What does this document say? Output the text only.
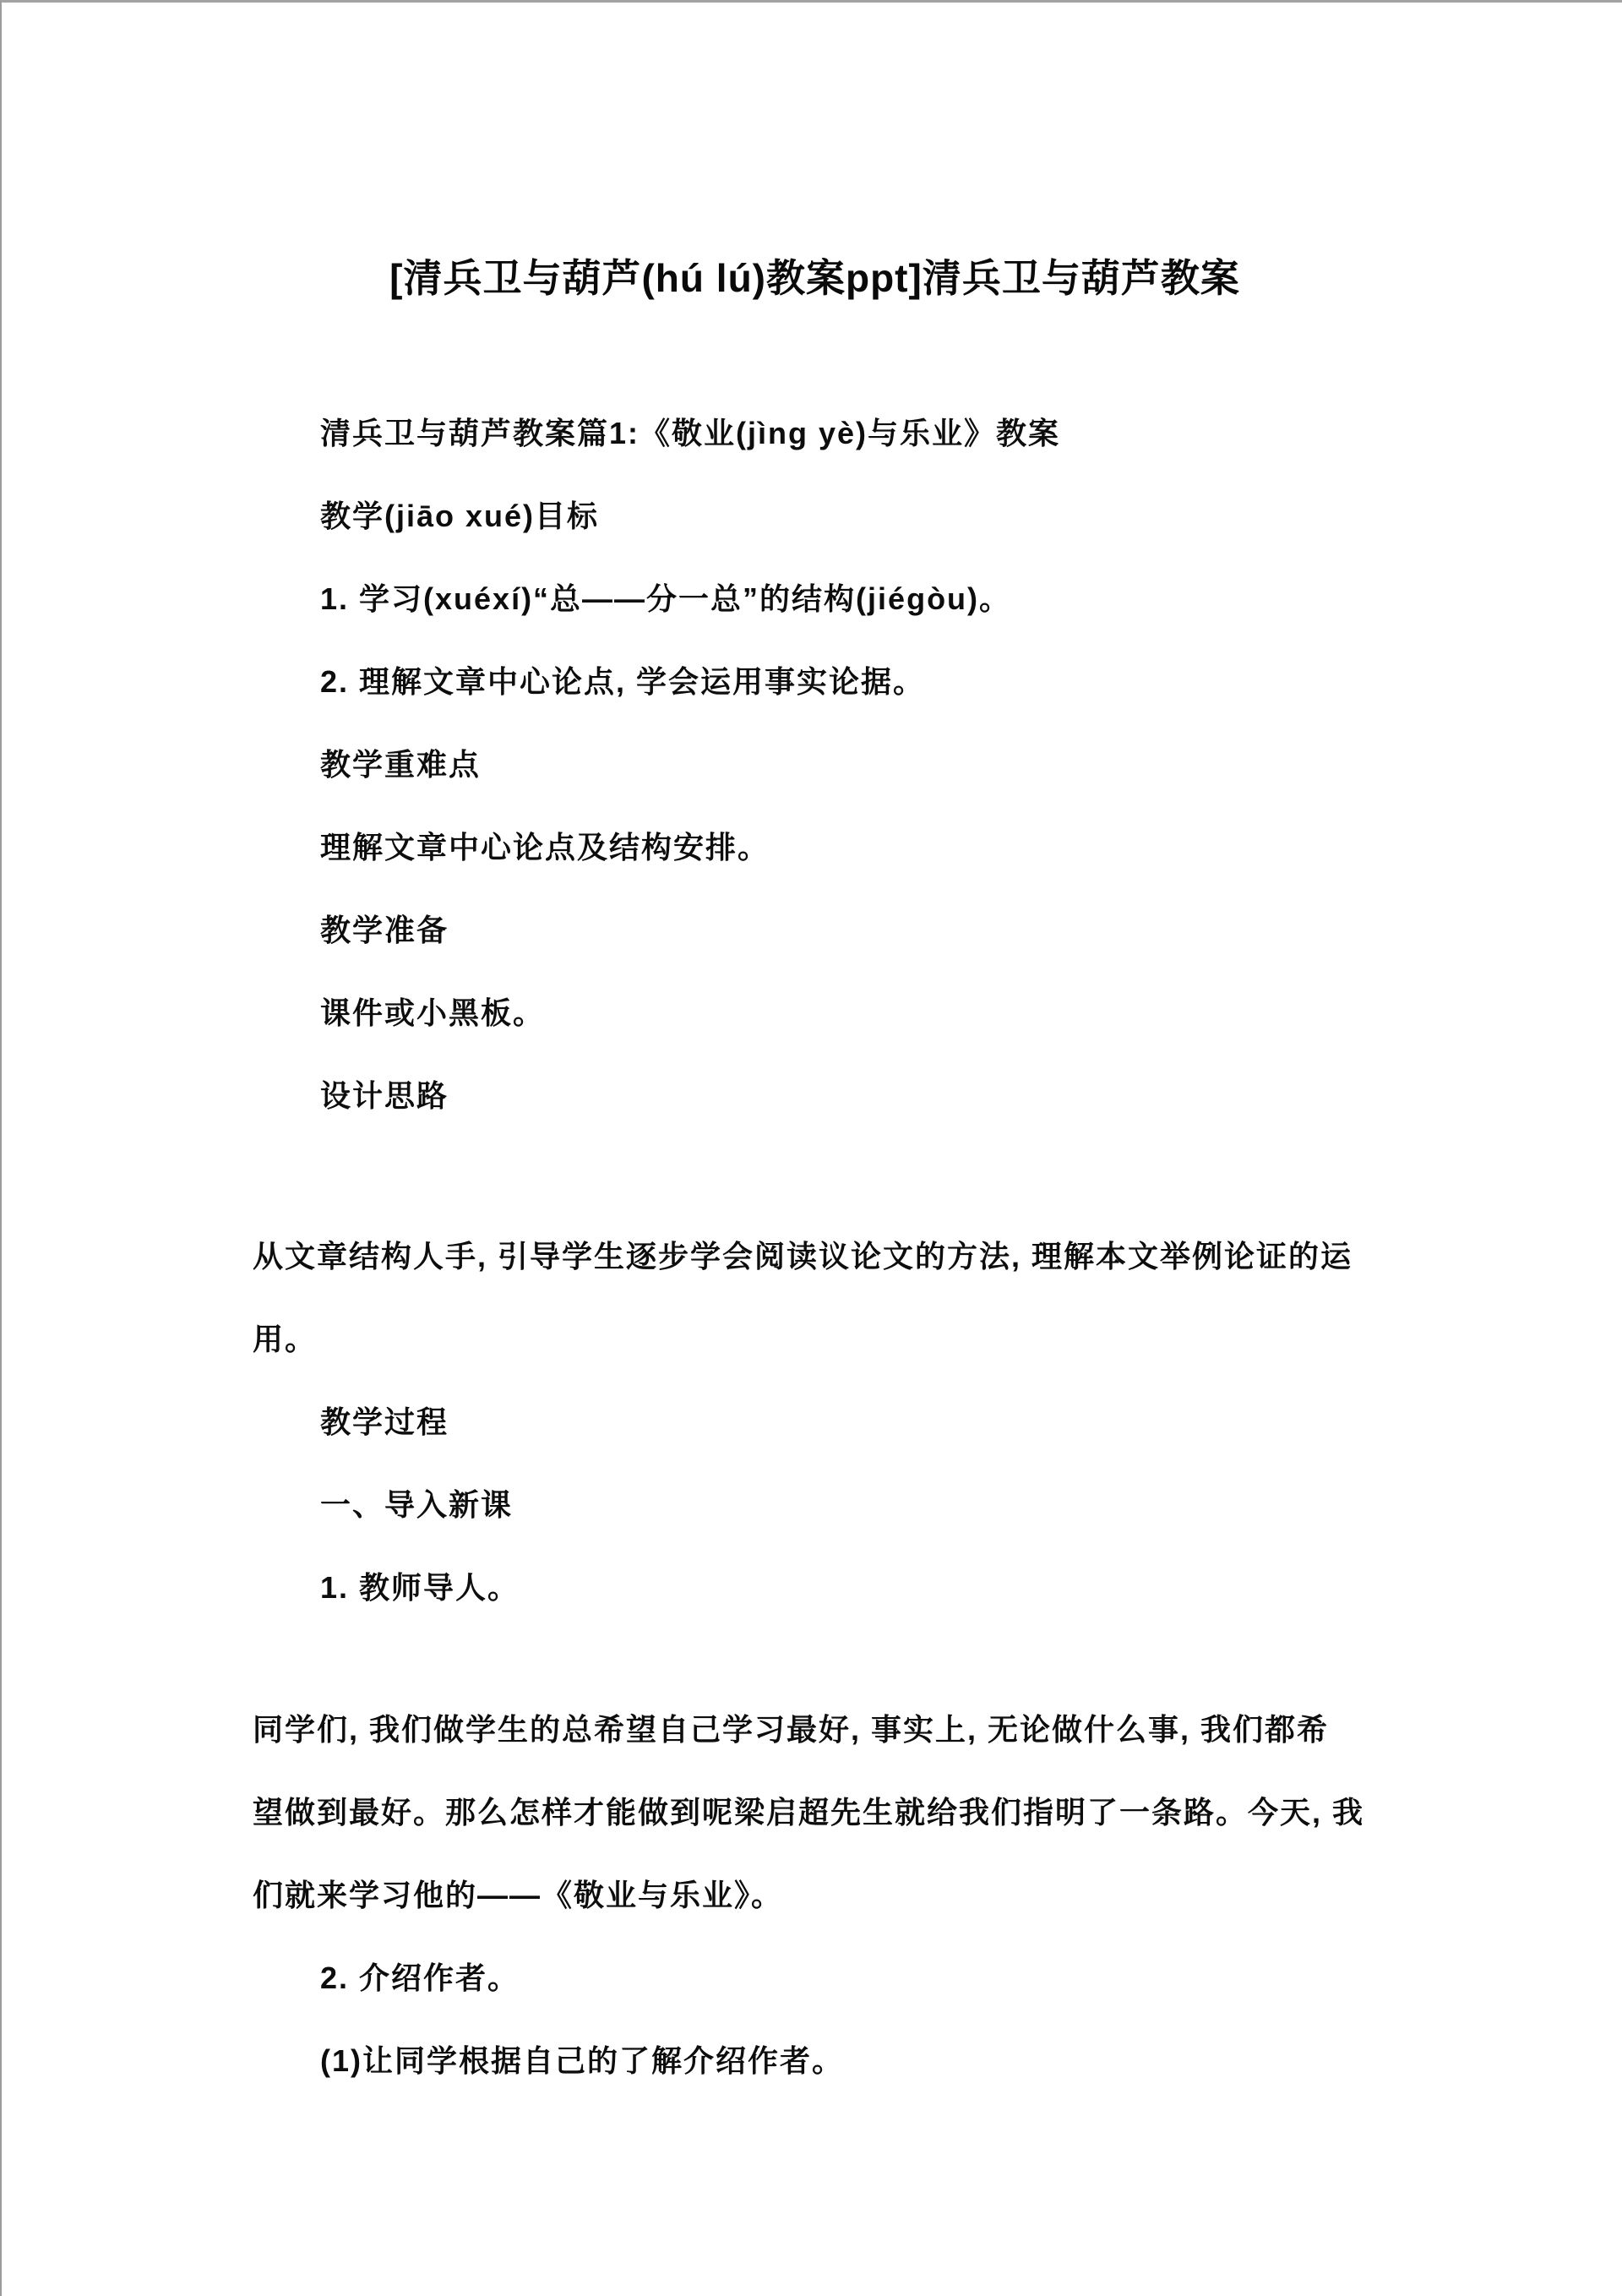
[清兵卫与葫芦(hú lú)教案ppt]清兵卫与葫芦教案

清兵卫与葫芦教案篇1:《敬业(jìng yè)与乐业》教案

教学(jiāo xué)目标

1. 学习(xuéxí)“总——分一总”的结构(jiégòu)。

2. 理解文章中心论点, 学会运用事实论据。

教学重难点

理解文章中心论点及结构安排。

教学准备

课件或小黑板。

设计思路

从文章结构人手, 引导学生逐步学会阅读议论文的方法, 理解本文举例论证的运

用。

教学过程

一、导入新课

1. 教师导人。

同学们, 我们做学生的总希望自己学习最好, 事实上, 无论做什么事, 我们都希

望做到最好。那么怎样才能做到呢梁启超先生就给我们指明了一条路。今天, 我

们就来学习他的——《敬业与乐业》。

2. 介绍作者。

(1)让同学根据自己的了解介绍作者。
